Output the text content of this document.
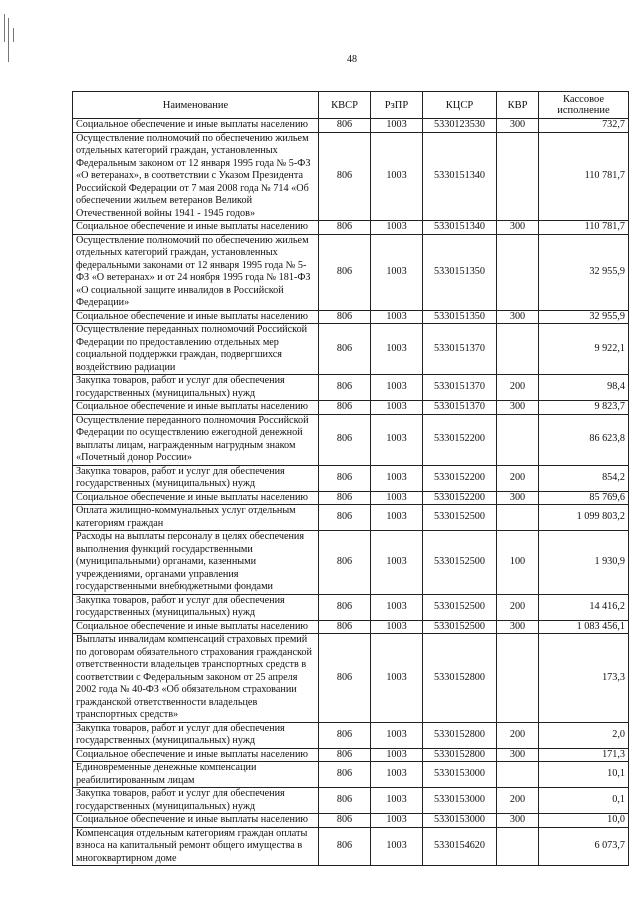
48
Наименование	КВСР	РзПР	КЦСР	КВР	Кассовое исполнение
Социальное обеспечение и иные выплаты населению	806	1003	5330123530	300	732,7
Осуществление полномочий по обеспечению жильем отдельных категорий граждан, установленных Федеральным законом от 12 января 1995 года № 5-ФЗ «О ветеранах», в соответствии с Указом Президента Российской Федерации от 7 мая 2008 года № 714 «Об обеспечении жильем ветеранов Великой Отечественной войны 1941 - 1945 годов»	806	1003	5330151340		110 781,7
Социальное обеспечение и иные выплаты населению	806	1003	5330151340	300	110 781,7
Осуществление полномочий по обеспечению жильем отдельных категорий граждан, установленных федеральными законами от 12 января 1995 года № 5-ФЗ «О ветеранах» и от 24 ноября 1995 года № 181-ФЗ «О социальной защите инвалидов в Российской Федерации»	806	1003	5330151350		32 955,9
Социальное обеспечение и иные выплаты населению	806	1003	5330151350	300	32 955,9
Осуществление переданных полномочий Российской Федерации по предоставлению отдельных мер социальной поддержки граждан, подвергшихся воздействию радиации	806	1003	5330151370		9 922,1
Закупка товаров, работ и услуг для обеспечения государственных (муниципальных) нужд	806	1003	5330151370	200	98,4
Социальное обеспечение и иные выплаты населению	806	1003	5330151370	300	9 823,7
Осуществление переданного полномочия Российской Федерации по осуществлению ежегодной денежной выплаты лицам, награжденным нагрудным знаком «Почетный донор России»	806	1003	5330152200		86 623,8
Закупка товаров, работ и услуг для обеспечения государственных (муниципальных) нужд	806	1003	5330152200	200	854,2
Социальное обеспечение и иные выплаты населению	806	1003	5330152200	300	85 769,6
Оплата жилищно-коммунальных услуг отдельным категориям граждан	806	1003	5330152500		1 099 803,2
Расходы на выплаты персоналу в целях обеспечения выполнения функций государственными (муниципальными) органами, казенными учреждениями, органами управления государственными внебюджетными фондами	806	1003	5330152500	100	1 930,9
Закупка товаров, работ и услуг для обеспечения государственных (муниципальных) нужд	806	1003	5330152500	200	14 416,2
Социальное обеспечение и иные выплаты населению	806	1003	5330152500	300	1 083 456,1
Выплаты инвалидам компенсаций страховых премий по договорам обязательного страхования гражданской ответственности владельцев транспортных средств в соответствии с Федеральным законом от 25 апреля 2002 года № 40-ФЗ «Об обязательном страховании гражданской ответственности владельцев транспортных средств»	806	1003	5330152800		173,3
Закупка товаров, работ и услуг для обеспечения государственных (муниципальных) нужд	806	1003	5330152800	200	2,0
Социальное обеспечение и иные выплаты населению	806	1003	5330152800	300	171,3
Единовременные денежные компенсации реабилитированным лицам	806	1003	5330153000		10,1
Закупка товаров, работ и услуг для обеспечения государственных (муниципальных) нужд	806	1003	5330153000	200	0,1
Социальное обеспечение и иные выплаты населению	806	1003	5330153000	300	10,0
Компенсация отдельным категориям граждан оплаты взноса на капитальный ремонт общего имущества в многоквартирном доме	806	1003	5330154620		6 073,7
